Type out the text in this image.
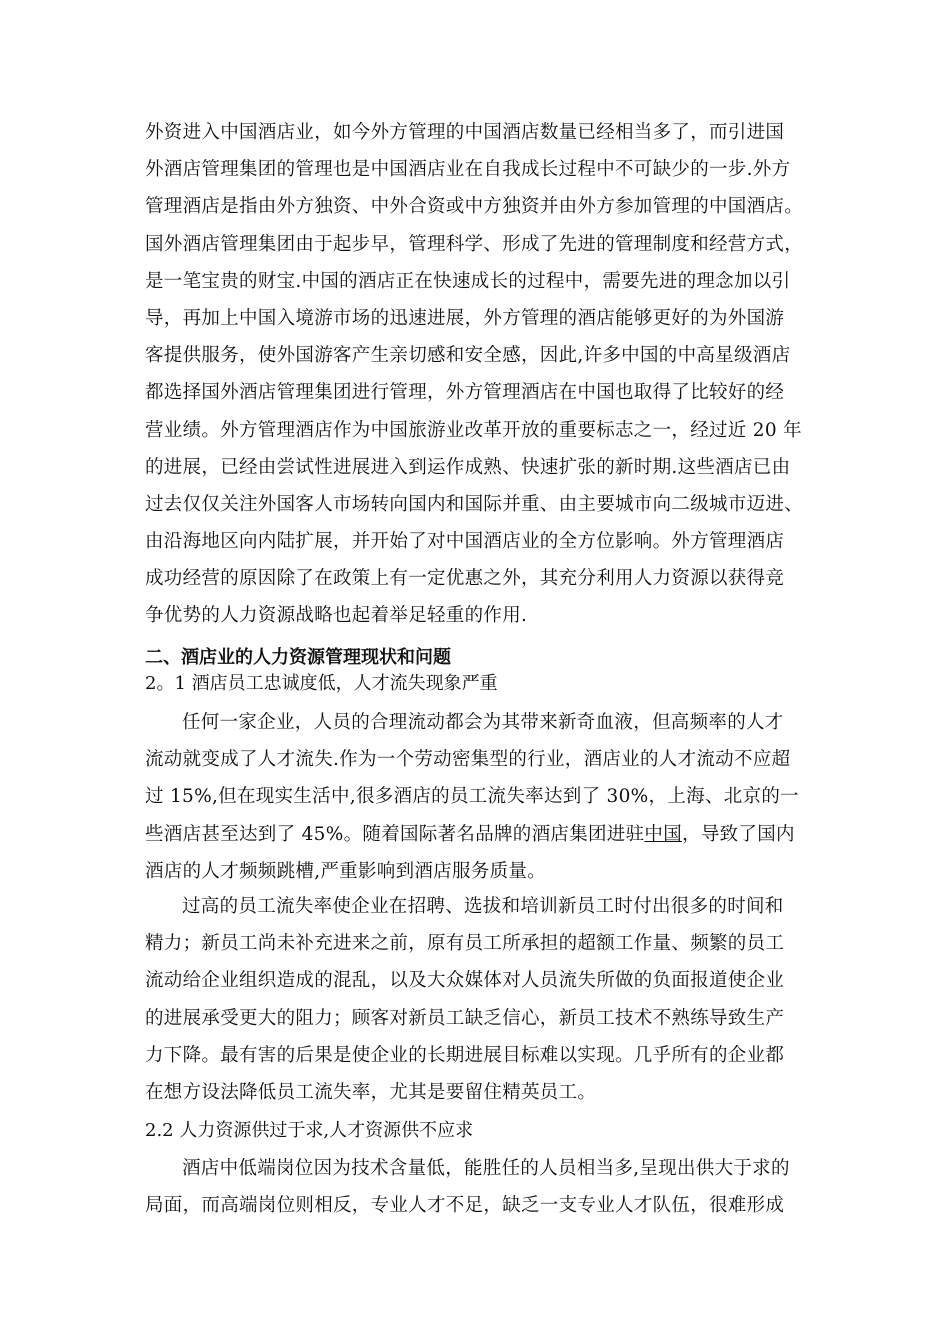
外资进入中国酒店业，如今外方管理的中国酒店数量已经相当多了，而引进国
外酒店管理集团的管理也是中国酒店业在自我成长过程中不可缺少的一步.外方
管理酒店是指由外方独资、中外合资或中方独资并由外方参加管理的中国酒店。
国外酒店管理集团由于起步早，管理科学、形成了先进的管理制度和经营方式，
是一笔宝贵的财宝.中国的酒店正在快速成长的过程中，需要先进的理念加以引
导，再加上中国入境游市场的迅速进展，外方管理的酒店能够更好的为外国游
客提供服务，使外国游客产生亲切感和安全感，因此,许多中国的中高星级酒店
都选择国外酒店管理集团进行管理，外方管理酒店在中国也取得了比较好的经
营业绩。外方管理酒店作为中国旅游业改革开放的重要标志之一，经过近 20 年
的进展，已经由尝试性进展进入到运作成熟、快速扩张的新时期.这些酒店已由
过去仅仅关注外国客人市场转向国内和国际并重、由主要城市向二级城市迈进、
由沿海地区向内陆扩展，并开始了对中国酒店业的全方位影响。外方管理酒店
成功经营的原因除了在政策上有一定优惠之外，其充分利用人力资源以获得竞
争优势的人力资源战略也起着举足轻重的作用.
二、酒店业的人力资源管理现状和问题
2。1 酒店员工忠诚度低，人才流失现象严重
任何一家企业，人员的合理流动都会为其带来新奇血液，但高频率的人才
流动就变成了人才流失.作为一个劳动密集型的行业，酒店业的人才流动不应超
过 15%,但在现实生活中,很多酒店的员工流失率达到了 30%，上海、北京的一
些酒店甚至达到了 45%。随着国际著名品牌的酒店集团进驻中国，导致了国内
酒店的人才频频跳槽,严重影响到酒店服务质量。
过高的员工流失率使企业在招聘、选拔和培训新员工时付出很多的时间和
精力；新员工尚未补充进来之前，原有员工所承担的超额工作量、频繁的员工
流动给企业组织造成的混乱，以及大众媒体对人员流失所做的负面报道使企业
的进展承受更大的阻力；顾客对新员工缺乏信心，新员工技术不熟练导致生产
力下降。最有害的后果是使企业的长期进展目标难以实现。几乎所有的企业都
在想方设法降低员工流失率，尤其是要留住精英员工。
2.2 人力资源供过于求,人才资源供不应求
酒店中低端岗位因为技术含量低，能胜任的人员相当多,呈现出供大于求的
局面，而高端岗位则相反，专业人才不足，缺乏一支专业人才队伍，很难形成
